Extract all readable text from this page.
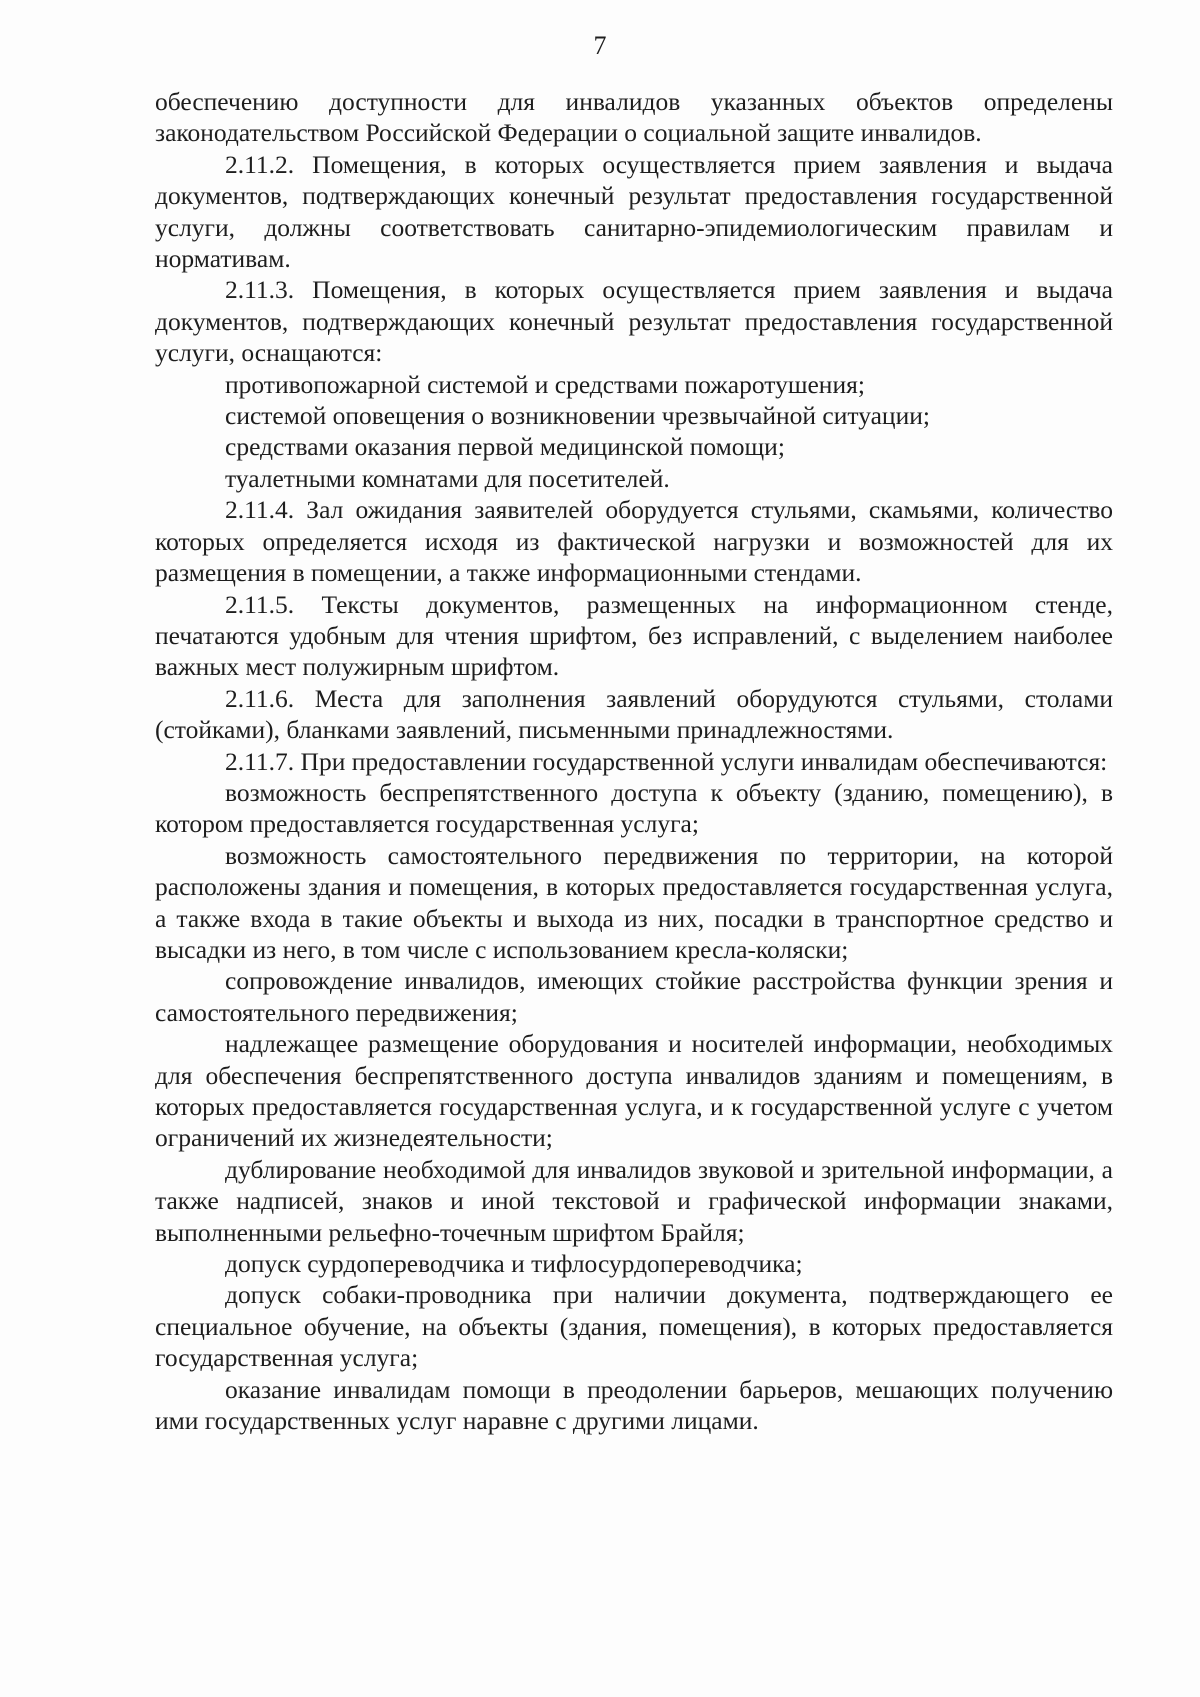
7

обеспечению доступности для инвалидов указанных объектов определены законодательством Российской Федерации о социальной защите инвалидов.

2.11.2. Помещения, в которых осуществляется прием заявления и выдача документов, подтверждающих конечный результат предоставления государственной услуги, должны соответствовать санитарно-эпидемиологическим правилам и нормативам.

2.11.3. Помещения, в которых осуществляется прием заявления и выдача документов, подтверждающих конечный результат предоставления государственной услуги, оснащаются:

противопожарной системой и средствами пожаротушения;

системой оповещения о возникновении чрезвычайной ситуации;

средствами оказания первой медицинской помощи;

туалетными комнатами для посетителей.

2.11.4. Зал ожидания заявителей оборудуется стульями, скамьями, количество которых определяется исходя из фактической нагрузки и возможностей для их размещения в помещении, а также информационными стендами.

2.11.5. Тексты документов, размещенных на информационном стенде, печатаются удобным для чтения шрифтом, без исправлений, с выделением наиболее важных мест полужирным шрифтом.

2.11.6. Места для заполнения заявлений оборудуются стульями, столами (стойками), бланками заявлений, письменными принадлежностями.

2.11.7. При предоставлении государственной услуги инвалидам обеспечиваются:

возможность беспрепятственного доступа к объекту (зданию, помещению), в котором предоставляется государственная услуга;

возможность самостоятельного передвижения по территории, на которой расположены здания и помещения, в которых предоставляется государственная услуга, а также входа в такие объекты и выхода из них, посадки в транспортное средство и высадки из него, в том числе с использованием кресла-коляски;

сопровождение инвалидов, имеющих стойкие расстройства функции зрения и самостоятельного передвижения;

надлежащее размещение оборудования и носителей информации, необходимых для обеспечения беспрепятственного доступа инвалидов зданиям и помещениям, в которых предоставляется государственная услуга, и к государственной услуге с учетом ограничений их жизнедеятельности;

дублирование необходимой для инвалидов звуковой и зрительной информации, а также надписей, знаков и иной текстовой и графической информации знаками, выполненными рельефно-точечным шрифтом Брайля;

допуск сурдопереводчика и тифлосурдопереводчика;

допуск собаки-проводника при наличии документа, подтверждающего ее специальное обучение, на объекты (здания, помещения), в которых предоставляется государственная услуга;

оказание инвалидам помощи в преодолении барьеров, мешающих получению ими государственных услуг наравне с другими лицами.
